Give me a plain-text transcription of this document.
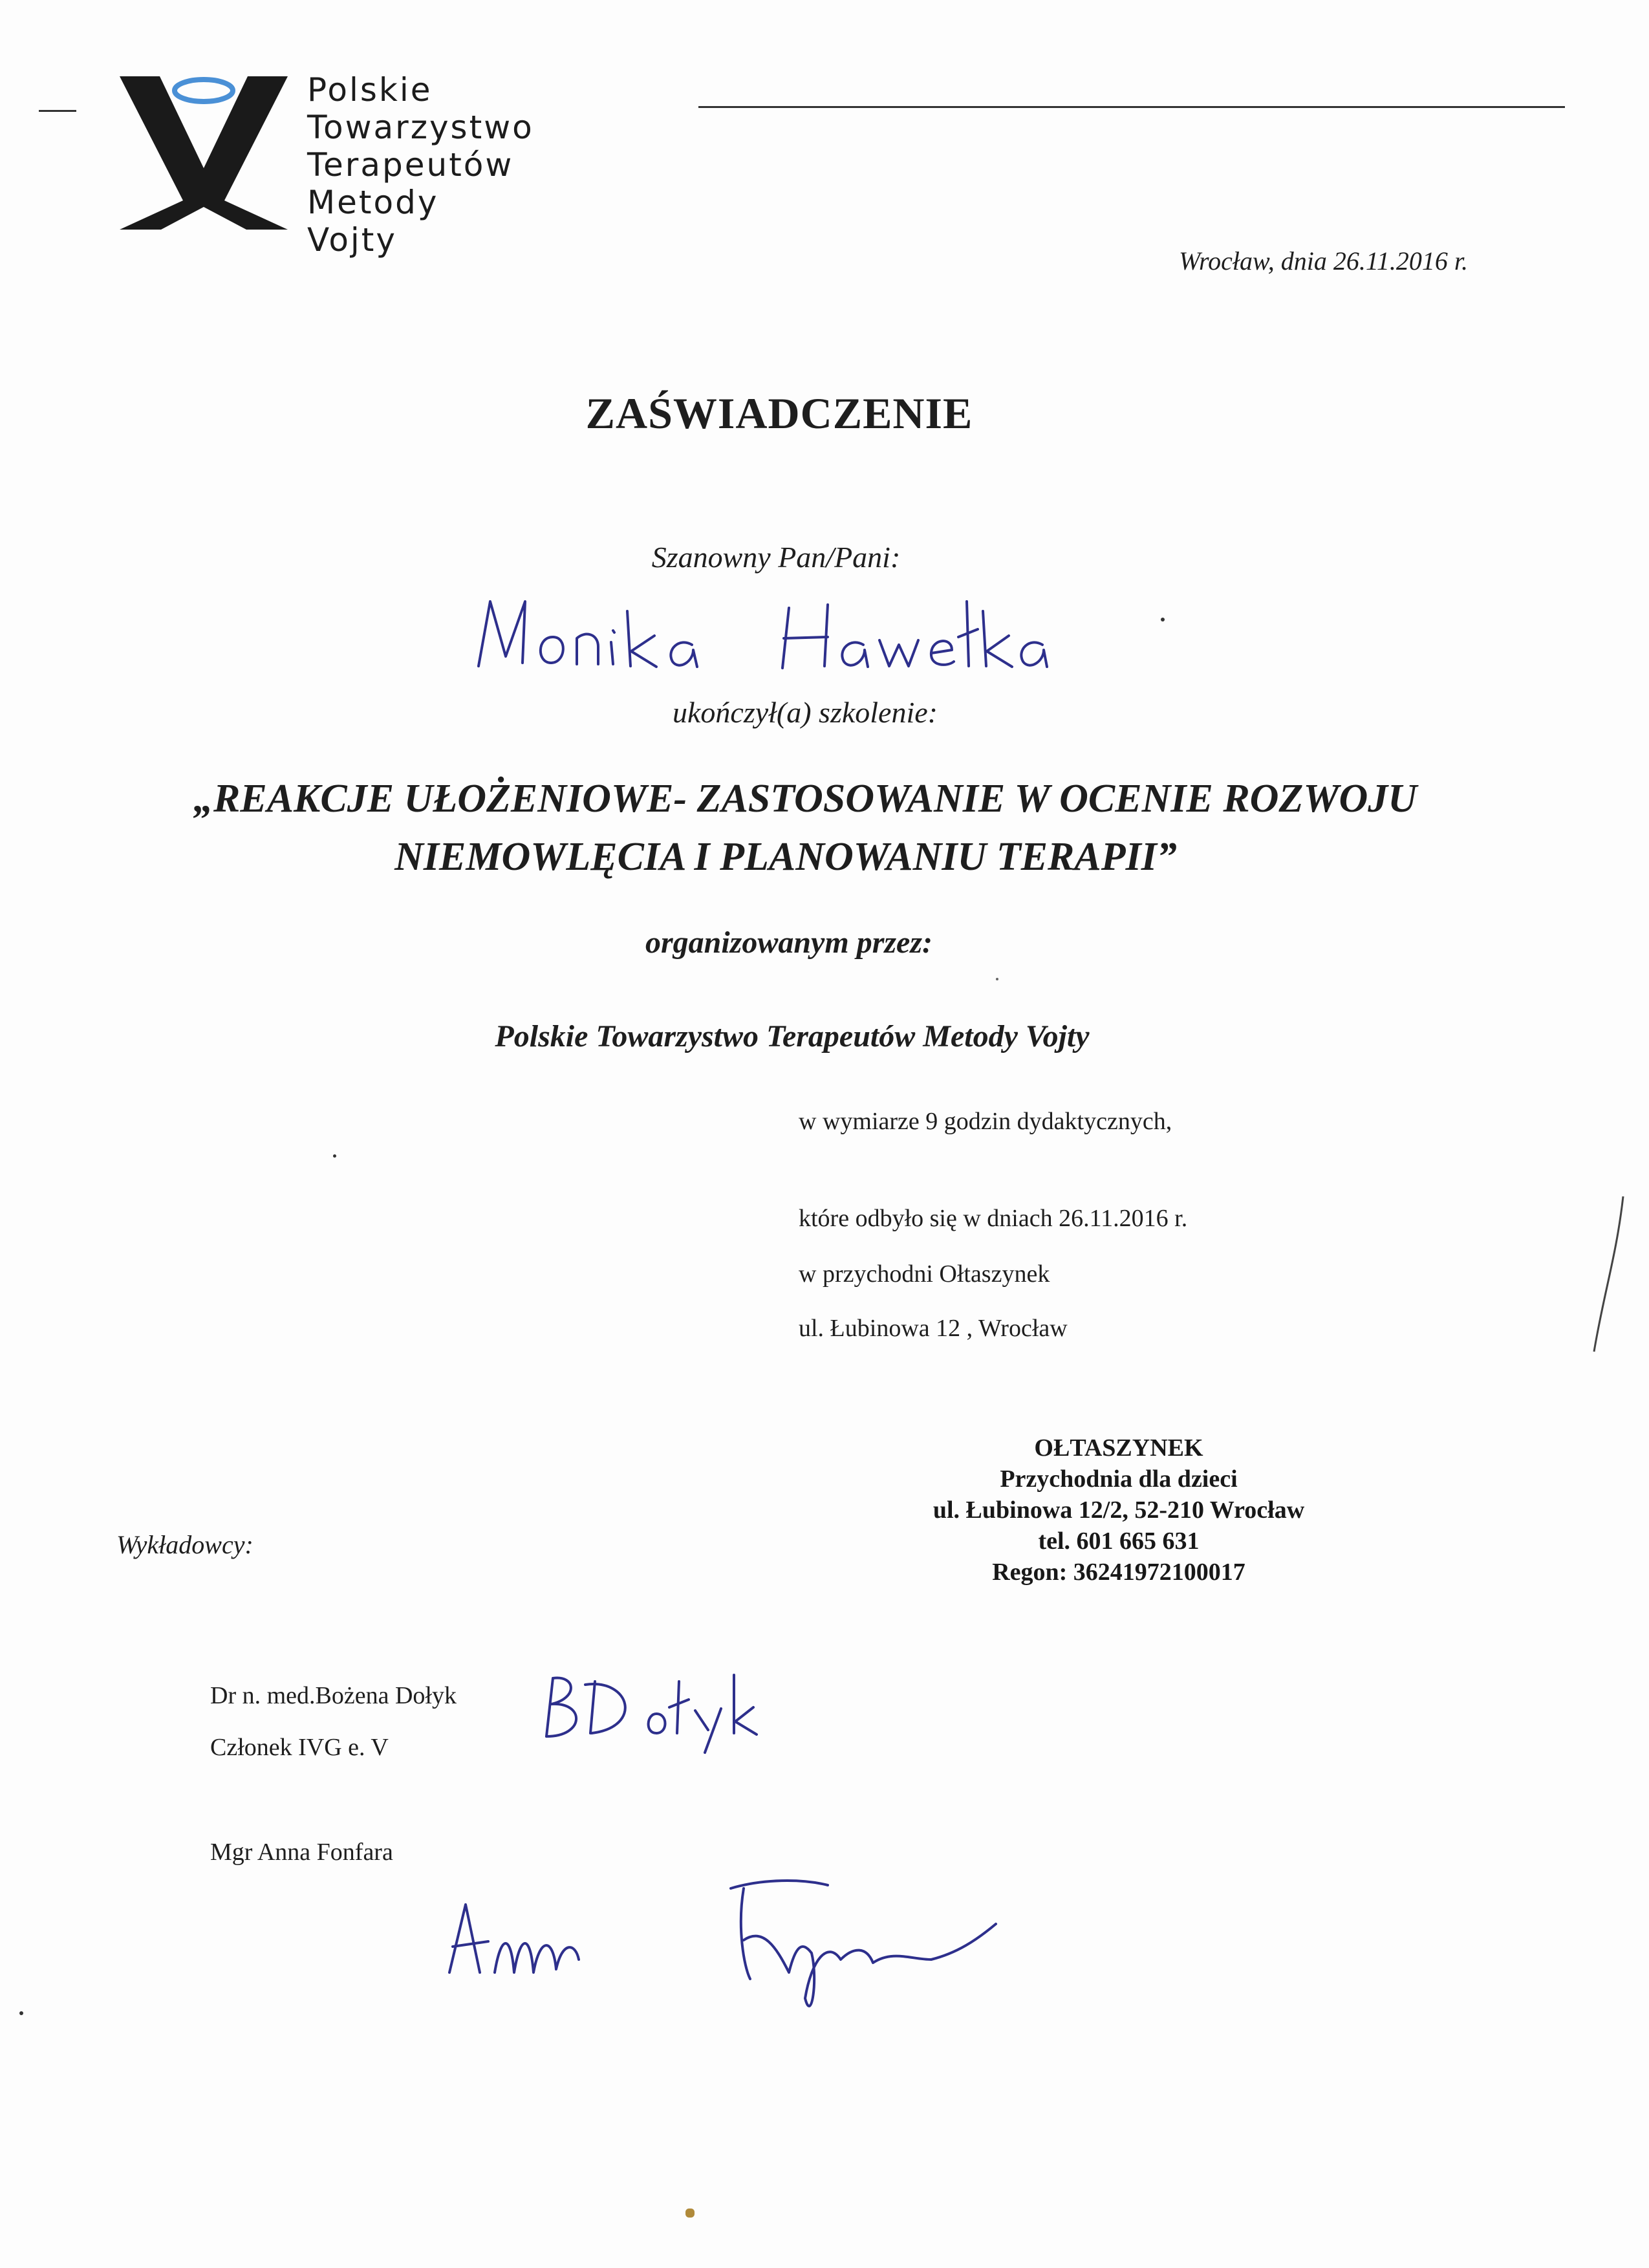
Polskie
Towarzystwo
Terapeutów
Metody
Vojty
Wrocław, dnia 26.11.2016 r.
ZAŚWIADCZENIE
Szanowny Pan/Pani:
ukończył(a) szkolenie:
„REAKCJE UŁOŻENIOWE- ZASTOSOWANIE W OCENIE ROZWOJU
NIEMOWLĘCIA I PLANOWANIU TERAPII”
organizowanym przez:
Polskie Towarzystwo Terapeutów Metody Vojty
w wymiarze 9 godzin dydaktycznych,
które odbyło się w dniach 26.11.2016 r.
w przychodni Ołtaszynek
ul. Łubinowa 12 , Wrocław
OŁTASZYNEK
Przychodnia dla dzieci
ul. Łubinowa 12/2, 52-210 Wrocław
tel. 601 665 631
Regon: 36241972100017
Wykładowcy:
Dr n. med.Bożena Dołyk
Członek IVG e. V
Mgr Anna Fonfara
